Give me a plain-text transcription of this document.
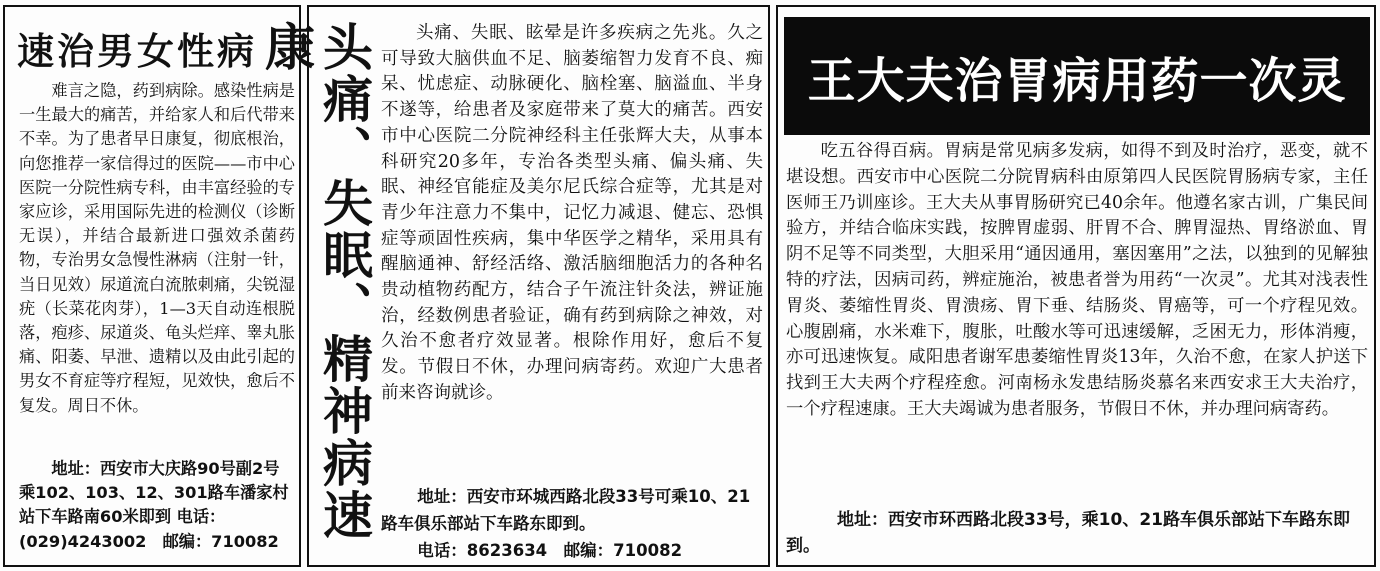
速治男女性病

难言之隐，药到病除。感染性病是一生最大的痛苦，并给家人和后代带来不幸。为了患者早日康复，彻底根治，向您推荐一家信得过的医院——市中心医院一分院性病专科，由丰富经验的专家应诊，采用国际先进的检测仪（诊断无误），并结合最新进口强效杀菌药物，专治男女急慢性淋病（注射一针，当日见效）尿道流白流脓刺痛，尖锐湿疣（长菜花肉芽），1—3天自动连根脱落，疱疹、尿道炎、龟头烂痒、睾丸胀痛、阳萎、早泄、遗精以及由此引起的男女不育症等疗程短，见效快，愈后不复发。周日不休。

地址：西安市大庆路90号副2号乘102、103、12、301路车潘家村站下车路南60米即到 电话：(029)4243002　邮编：710082
头痛、失眠、精神病速康	头痛、失眠、眩晕是许多疾病之先兆。久之可导致大脑供血不足、脑萎缩智力发育不良、痴呆、忧虑症、动脉硬化、脑栓塞、脑溢血、半身不遂等，给患者及家庭带来了莫大的痛苦。西安市中心医院二分院神经科主任张辉大夫，从事本科研究20多年，专治各类型头痛、偏头痛、失眠、神经官能症及美尔尼氏综合症等，尤其是对青少年注意力不集中，记忆力减退、健忘、恐惧症等顽固性疾病，集中华医学之精华，采用具有醒脑通神、舒经活络、激活脑细胞活力的各种名贵动植物药配方，结合子午流注针灸法，辨证施治，经数例患者验证，确有药到病除之神效，对久治不愈者疗效显著。根除作用好，愈后不复发。节假日不休，办理问病寄药。欢迎广大患者前来咨询就诊。

地址：西安市环城西路北段33号可乘10、21路车俱乐部站下车路东即到。
电话：8623634　邮编：710082
王大夫治胃病用药一次灵

吃五谷得百病。胃病是常见病多发病，如得不到及时治疗，恶变，就不堪设想。西安市中心医院二分院胃病科由原第四人民医院胃肠病专家，主任医师王乃训座诊。王大夫从事胃肠研究已40余年。他遵名家古训，广集民间验方，并结合临床实践，按脾胃虚弱、肝胃不合、脾胃湿热、胃络淤血、胃阴不足等不同类型，大胆采用“通因通用，塞因塞用”之法，以独到的见解独特的疗法，因病司药，辨症施治，被患者誉为用药“一次灵”。尤其对浅表性胃炎、萎缩性胃炎、胃溃疡、胃下垂、结肠炎、胃癌等，可一个疗程见效。心腹剧痛，水米难下，腹胀，吐酸水等可迅速缓解，乏困无力，形体消瘦，亦可迅速恢复。咸阳患者谢军患萎缩性胃炎13年，久治不愈，在家人护送下找到王大夫两个疗程痊愈。河南杨永发患结肠炎慕名来西安求王大夫治疗，一个疗程速康。王大夫竭诚为患者服务，节假日不休，并办理问病寄药。

地址：西安市环西路北段33号，乘10、21路车俱乐部站下车路东即到。
